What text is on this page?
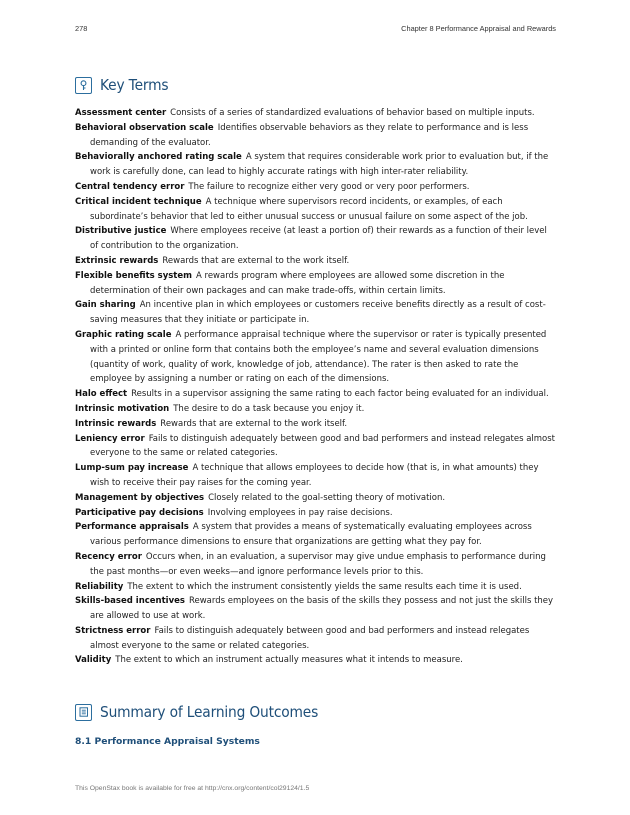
278	Chapter 8 Performance Appraisal and Rewards
Key Terms

Assessment center Consists of a series of standardized evaluations of behavior based on multiple inputs.

Behavioral observation scale Identifies observable behaviors as they relate to performance and is less demanding of the evaluator.

Behaviorally anchored rating scale A system that requires considerable work prior to evaluation but, if the work is carefully done, can lead to highly accurate ratings with high inter-rater reliability.

Central tendency error The failure to recognize either very good or very poor performers.

Critical incident technique A technique where supervisors record incidents, or examples, of each subordinate’s behavior that led to either unusual success or unusual failure on some aspect of the job.

Distributive justice Where employees receive (at least a portion of) their rewards as a function of their level of contribution to the organization.

Extrinsic rewards Rewards that are external to the work itself.

Flexible benefits system A rewards program where employees are allowed some discretion in the determination of their own packages and can make trade-offs, within certain limits.

Gain sharing An incentive plan in which employees or customers receive benefits directly as a result of cost-saving measures that they initiate or participate in.

Graphic rating scale A performance appraisal technique where the supervisor or rater is typically presented with a printed or online form that contains both the employee’s name and several evaluation dimensions (quantity of work, quality of work, knowledge of job, attendance). The rater is then asked to rate the employee by assigning a number or rating on each of the dimensions.

Halo effect Results in a supervisor assigning the same rating to each factor being evaluated for an individual.

Intrinsic motivation The desire to do a task because you enjoy it.

Intrinsic rewards Rewards that are external to the work itself.

Leniency error Fails to distinguish adequately between good and bad performers and instead relegates almost everyone to the same or related categories.

Lump-sum pay increase A technique that allows employees to decide how (that is, in what amounts) they wish to receive their pay raises for the coming year.

Management by objectives Closely related to the goal-setting theory of motivation.

Participative pay decisions Involving employees in pay raise decisions.

Performance appraisals A system that provides a means of systematically evaluating employees across various performance dimensions to ensure that organizations are getting what they pay for.

Recency error Occurs when, in an evaluation, a supervisor may give undue emphasis to performance during the past months—or even weeks—and ignore performance levels prior to this.

Reliability The extent to which the instrument consistently yields the same results each time it is used.

Skills-based incentives Rewards employees on the basis of the skills they possess and not just the skills they are allowed to use at work.

Strictness error Fails to distinguish adequately between good and bad performers and instead relegates almost everyone to the same or related categories.

Validity The extent to which an instrument actually measures what it intends to measure.

Summary of Learning Outcomes
8.1 Performance Appraisal Systems
This OpenStax book is available for free at http://cnx.org/content/col29124/1.5
